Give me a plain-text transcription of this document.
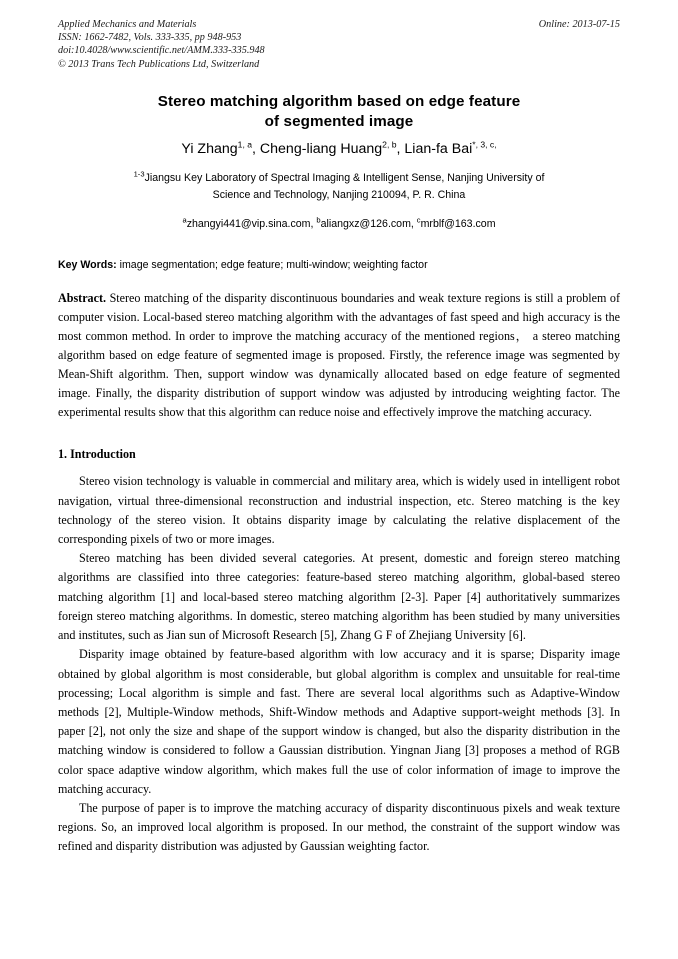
Applied Mechanics and Materials
ISSN: 1662-7482, Vols. 333-335, pp 948-953
doi:10.4028/www.scientific.net/AMM.333-335.948
© 2013 Trans Tech Publications Ltd, Switzerland
Online: 2013-07-15
Stereo matching algorithm based on edge feature
of segmented image
Yi Zhang$^{1, a}$, Cheng-liang Huang$^{2, b}$, Lian-fa Bai$^{*, 3, c,}$
$^{1-3}$Jiangsu Key Laboratory of Spectral Imaging & Intelligent Sense, Nanjing University of
Science and Technology, Nanjing 210094, P. R. China
$^a$zhangyi441@vip.sina.com, $^b$aliangxz@126.com, $^c$mrblf@163.com
Key Words: image segmentation; edge feature; multi-window; weighting factor
Abstract. Stereo matching of the disparity discontinuous boundaries and weak texture regions is still a problem of computer vision. Local-based stereo matching algorithm with the advantages of fast speed and high accuracy is the most common method. In order to improve the matching accuracy of the mentioned regions， a stereo matching algorithm based on edge feature of segmented image is proposed. Firstly, the reference image was segmented by Mean-Shift algorithm. Then, support window was dynamically allocated based on edge feature of segmented image. Finally, the disparity distribution of support window was adjusted by introducing weighting factor. The experimental results show that this algorithm can reduce noise and effectively improve the matching accuracy.
1. Introduction
Stereo vision technology is valuable in commercial and military area, which is widely used in intelligent robot navigation, virtual three-dimensional reconstruction and industrial inspection, etc. Stereo matching is the key technology of the stereo vision. It obtains disparity image by calculating the relative displacement of the corresponding pixels of two or more images.
Stereo matching has been divided several categories. At present, domestic and foreign stereo matching algorithms are classified into three categories: feature-based stereo matching algorithm, global-based stereo matching algorithm [1] and local-based stereo matching algorithm [2-3]. Paper [4] authoritatively summarizes foreign stereo matching algorithms. In domestic, stereo matching algorithm has been studied by many universities and institutes, such as Jian sun of Microsoft Research [5], Zhang G F of Zhejiang University [6].
Disparity image obtained by feature-based algorithm with low accuracy and it is sparse; Disparity image obtained by global algorithm is most considerable, but global algorithm is complex and unsuitable for real-time processing; Local algorithm is simple and fast. There are several local algorithms such as Adaptive-Window methods [2], Multiple-Window methods, Shift-Window methods and Adaptive support-weight methods [3]. In paper [2], not only the size and shape of the support window is changed, but also the disparity distribution in the matching window is considered to follow a Gaussian distribution. Yingnan Jiang [3] proposes a method of RGB color space adaptive window algorithm, which makes full the use of color information of image to improve the matching accuracy.
The purpose of paper is to improve the matching accuracy of disparity discontinuous pixels and weak texture regions. So, an improved local algorithm is proposed. In our method, the constraint of the support window was refined and disparity distribution was adjusted by Gaussian weighting factor.
